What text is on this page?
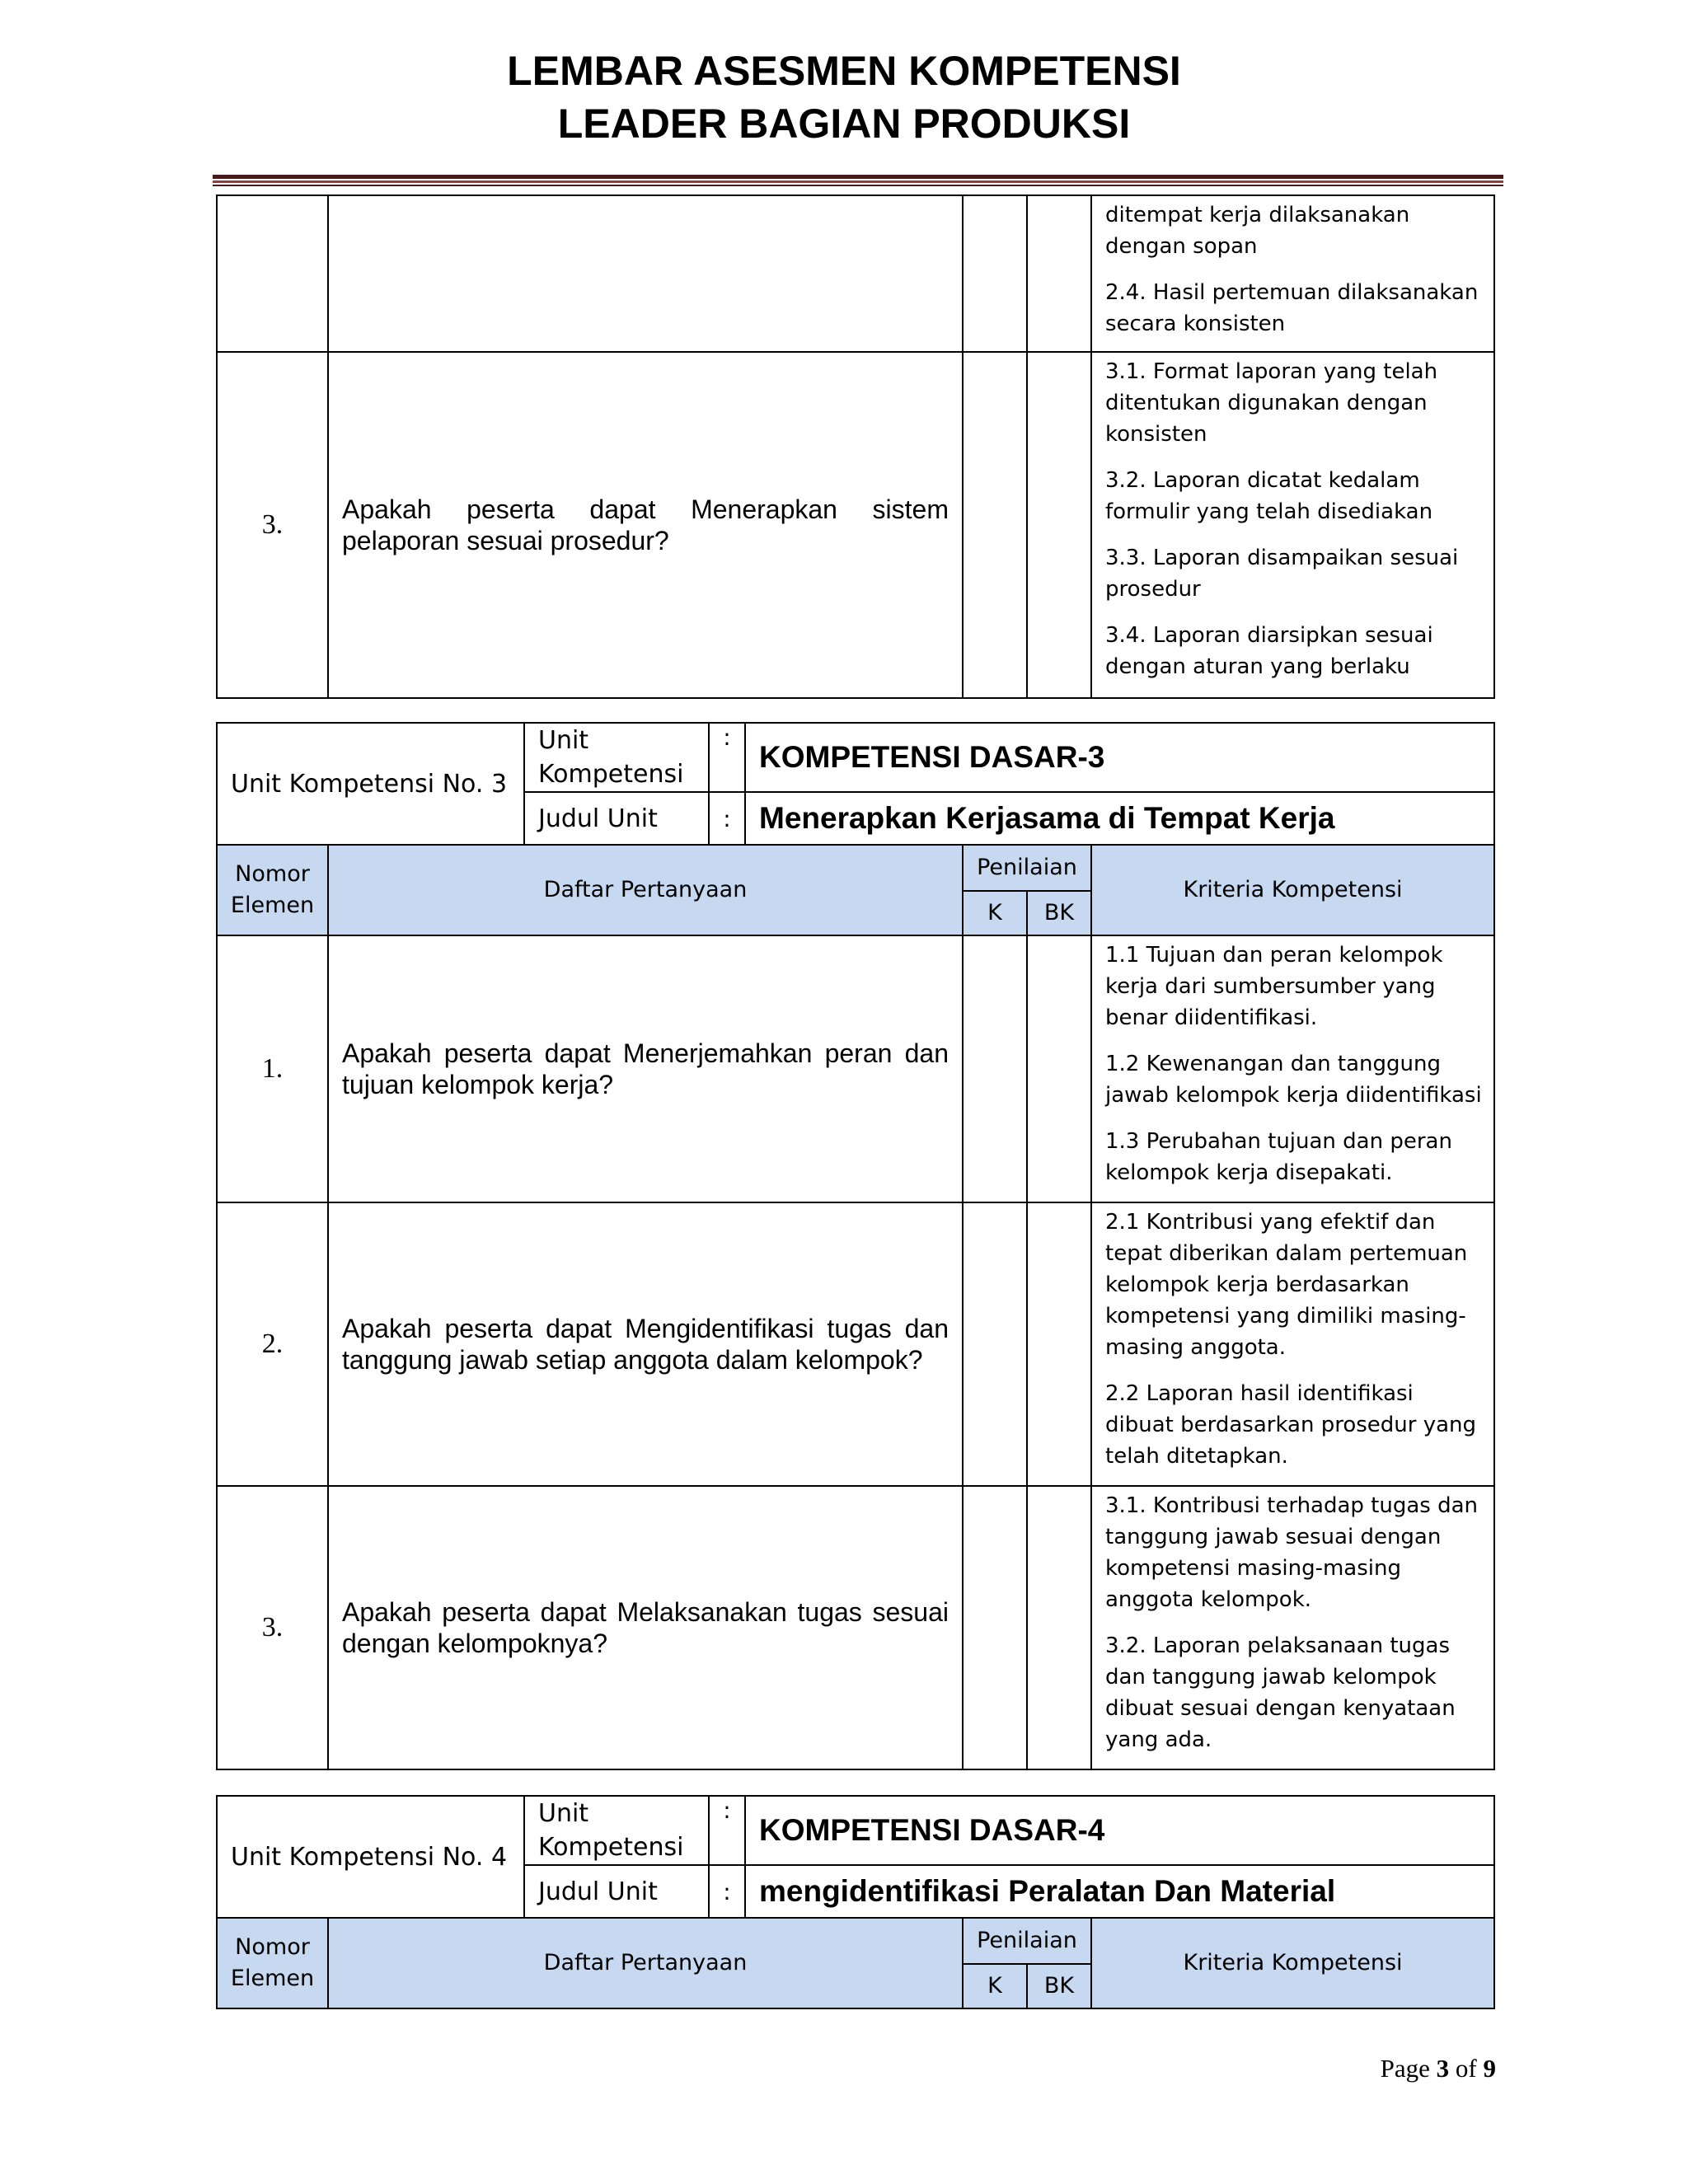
LEMBAR ASESMEN KOMPETENSI
LEADER BAGIAN PRODUKSI

				ditempat kerja dilaksanakan dengan sopan

2.4. Hasil pertemuan dilaksanakan secara konsisten

3.	Apakah peserta dapat Menerapkan sistem pelaporan sesuai prosedur?			3.1. Format laporan yang telah ditentukan digunakan dengan konsisten

3.2. Laporan dicatat kedalam formulir yang telah disediakan

3.3. Laporan disampaikan sesuai prosedur

3.4. Laporan diarsipkan sesuai dengan aturan yang berlaku

Unit Kompetensi No. 3		Unit Kompetensi	:	KOMPETENSI DASAR-3			
		Judul Unit	:	Menerapkan Kerjasama di Tempat Kerja			
Nomor Elemen	Daftar Pertanyaan				Penilaian		Kriteria Kompetensi
					K	BK	
1.	Apakah peserta dapat Menerjemahkan peran dan tujuan kelompok kerja?						1.1 Tujuan dan peran kelompok kerja dari sumbersumber yang benar diidentifikasi.

1.2 Kewenangan dan tanggung jawab kelompok kerja diidentifikasi

1.3 Perubahan tujuan dan peran kelompok kerja disepakati.

2.	Apakah peserta dapat Mengidentifikasi tugas dan tanggung jawab setiap anggota dalam kelompok?						2.1 Kontribusi yang efektif dan tepat diberikan dalam pertemuan kelompok kerja berdasarkan kompetensi yang dimiliki masing-masing anggota.

2.2 Laporan hasil identifikasi dibuat berdasarkan prosedur yang telah ditetapkan.

3.	Apakah peserta dapat Melaksanakan tugas sesuai dengan kelompoknya?						3.1. Kontribusi terhadap tugas dan tanggung jawab sesuai dengan kompetensi masing-masing anggota kelompok.

3.2. Laporan pelaksanaan tugas dan tanggung jawab kelompok dibuat sesuai dengan kenyataan yang ada.

Unit Kompetensi No. 4		Unit Kompetensi	:	KOMPETENSI DASAR-4			
		Judul Unit	:	mengidentifikasi Peralatan Dan Material			
Nomor Elemen	Daftar Pertanyaan				Penilaian		Kriteria Kompetensi
					K	BK	
Page 3 of 9
